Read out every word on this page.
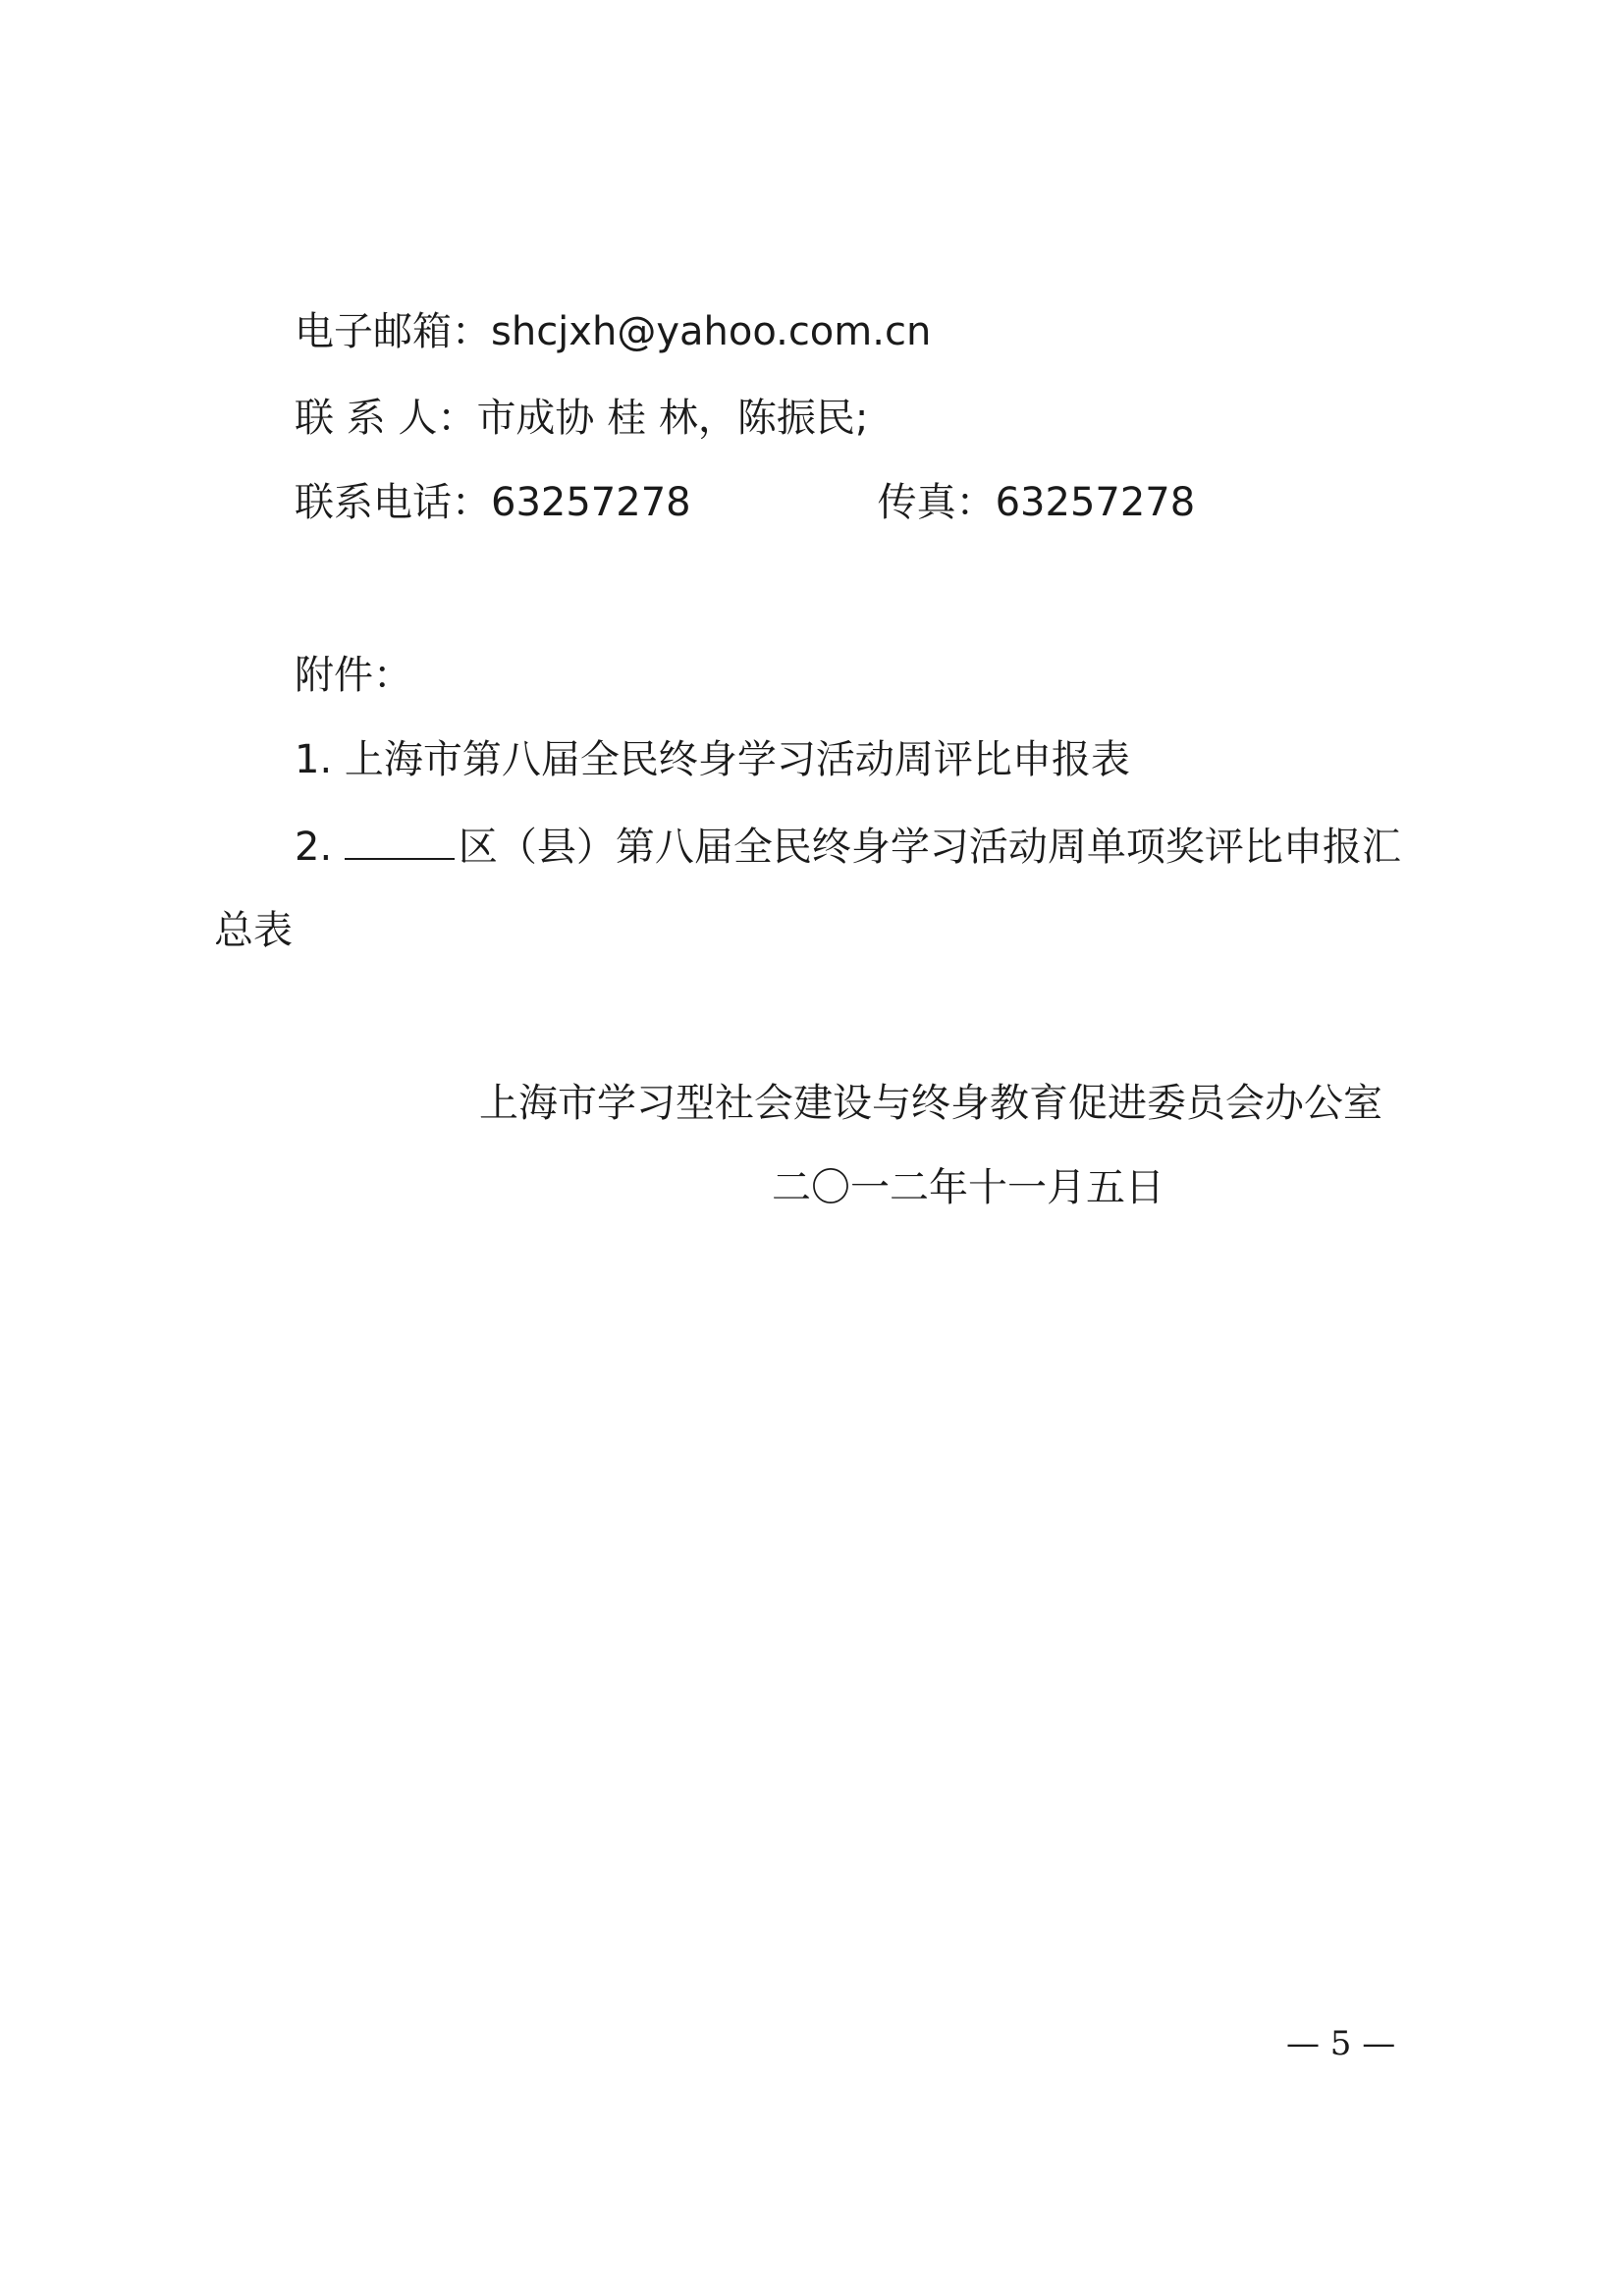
电子邮箱：shcjxh@yahoo.com.cn
联 系 人：市成协 桂 林，陈振民;
联系电话：63257278	传真：63257278
附件：
1. 上海市第八届全民终身学习活动周评比申报表
2.	区（县）第八届全民终身学习活动周单项奖评比申报汇
总表
上海市学习型社会建设与终身教育促进委员会办公室
二〇一二年十一月五日
— 5 —
